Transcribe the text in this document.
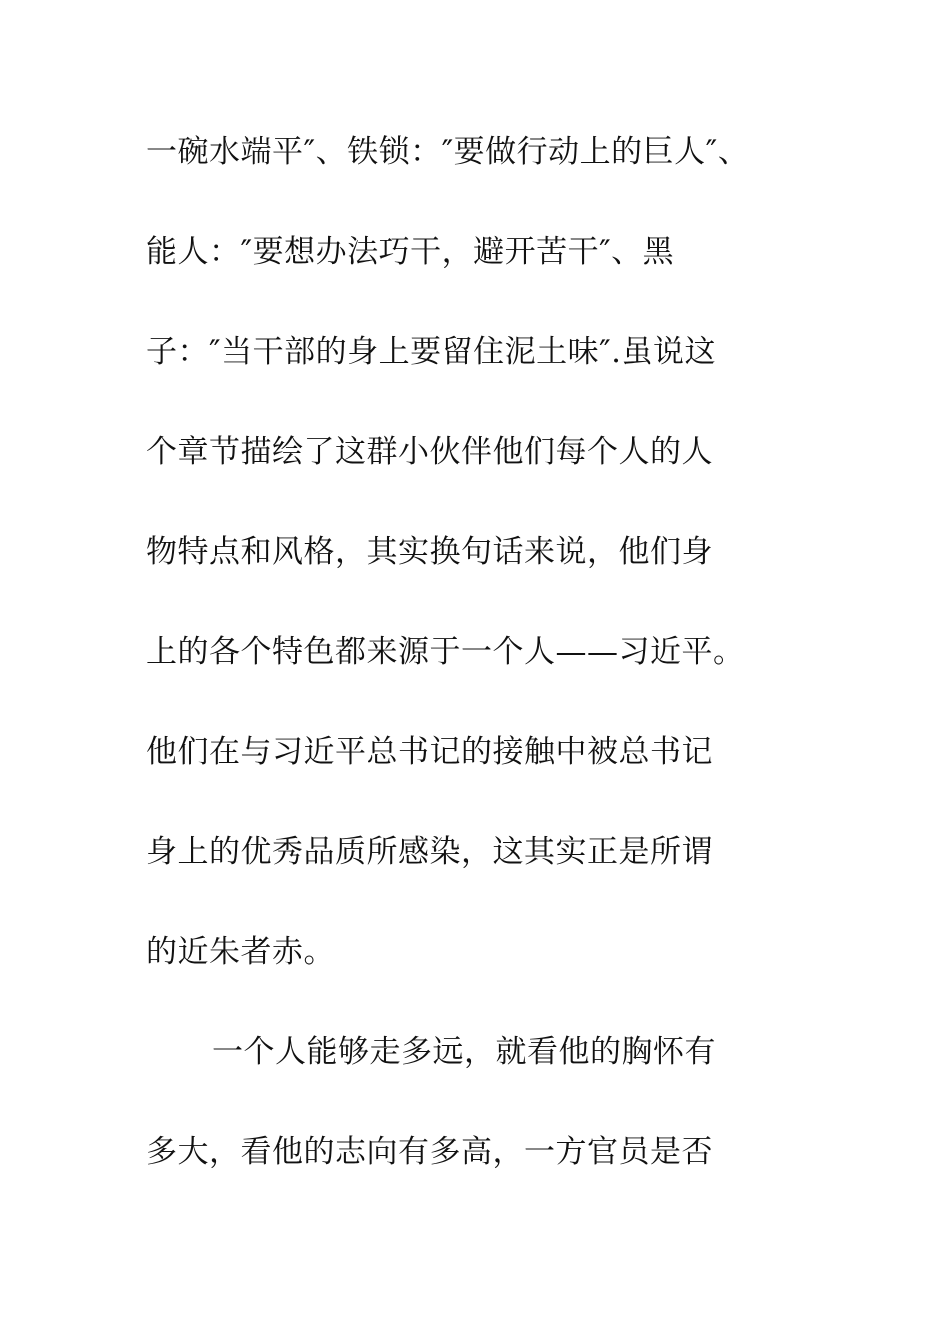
一碗水端平″、铁锁：″要做行动上的巨人″、
能人：″要想办法巧干，避开苦干″、黑
子：″当干部的身上要留住泥土味″.虽说这
个章节描绘了这群小伙伴他们每个人的人
物特点和风格，其实换句话来说，他们身
上的各个特色都来源于一个人——习近平。
他们在与习近平总书记的接触中被总书记
身上的优秀品质所感染，这其实正是所谓
的近朱者赤。
一个人能够走多远，就看他的胸怀有
多大，看他的志向有多高，一方官员是否
